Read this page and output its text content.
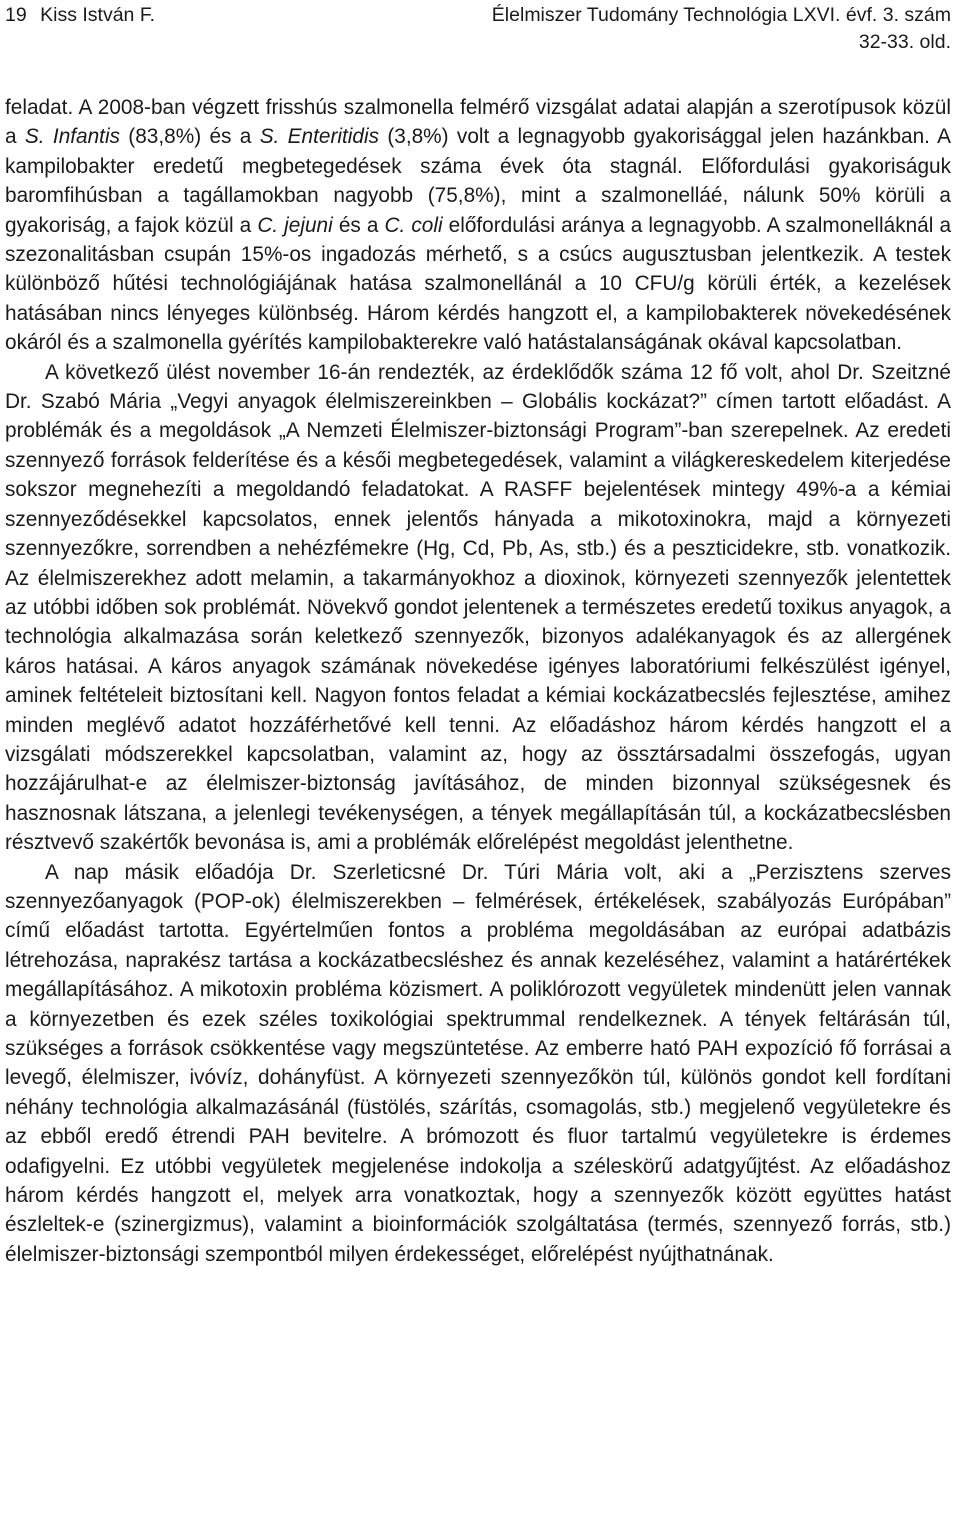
19 Kiss István F.	Élelmiszer Tudomány Technológia LXVI. évf. 3. szám
32-33. old.

feladat. A 2008-ban végzett frisshús szalmonella felmérő vizsgálat adatai alapján a szerotípusok közül a S. Infantis (83,8%) és a S. Enteritidis (3,8%) volt a legnagyobb gyakorisággal jelen hazánkban. A kampilobakter eredetű megbetegedések száma évek óta stagnál. Előfordulási gyakoriságuk baromfihúsban a tagállamokban nagyobb (75,8%), mint a szalmonelláé, nálunk 50% körüli a gyakoriság, a fajok közül a C. jejuni és a C. coli előfordulási aránya a legnagyobb. A szalmonelláknál a szezonalitásban csupán 15%-os ingadozás mérhető, s a csúcs augusztusban jelentkezik. A testek különböző hűtési technológiájának hatása szalmonellánál a 10 CFU/g körüli érték, a kezelések hatásában nincs lényeges különbség. Három kérdés hangzott el, a kampilobakterek növekedésének okáról és a szalmonella gyérítés kampilobakterekre való hatástalanságának okával kapcsolatban.

A következő ülést november 16-án rendezték, az érdeklődők száma 12 fő volt, ahol Dr. Szeitzné Dr. Szabó Mária „Vegyi anyagok élelmiszereinkben – Globális kockázat?” címen tartott előadást. A problémák és a megoldások „A Nemzeti Élelmiszer-biztonsági Program”-ban szerepelnek. Az eredeti szennyező források felderítése és a késői megbetegedések, valamint a világkereskedelem kiterjedése sokszor megnehezíti a megoldandó feladatokat. A RASFF bejelentések mintegy 49%-a a kémiai szennyeződésekkel kapcsolatos, ennek jelentős hányada a mikotoxinokra, majd a környezeti szennyezőkre, sorrendben a nehézfémekre (Hg, Cd, Pb, As, stb.) és a peszticidekre, stb. vonatkozik. Az élelmiszerekhez adott melamin, a takarmányokhoz a dioxinok, környezeti szennyezők jelentettek az utóbbi időben sok problémát. Növekvő gondot jelentenek a természetes eredetű toxikus anyagok, a technológia alkalmazása során keletkező szennyezők, bizonyos adalékanyagok és az allergének káros hatásai. A káros anyagok számának növekedése igényes laboratóriumi felkészülést igényel, aminek feltételeit biztosítani kell. Nagyon fontos feladat a kémiai kockázatbecslés fejlesztése, amihez minden meglévő adatot hozzáférhetővé kell tenni. Az előadáshoz három kérdés hangzott el a vizsgálati módszerekkel kapcsolatban, valamint az, hogy az össztársadalmi összefogás, ugyan hozzájárulhat-e az élelmiszer-biztonság javításához, de minden bizonnyal szükségesnek és hasznosnak látszana, a jelenlegi tevékenységen, a tények megállapításán túl, a kockázatbecslésben résztvevő szakértők bevonása is, ami a problémák előrelépést megoldást jelenthetne.

A nap másik előadója Dr. Szerleticsné Dr. Túri Mária volt, aki a „Perzisztens szerves szennyezőanyagok (POP-ok) élelmiszerekben – felmérések, értékelések, szabályozás Európában” című előadást tartotta. Egyértelműen fontos a probléma megoldásában az európai adatbázis létrehozása, naprakész tartása a kockázatbecsléshez és annak kezeléséhez, valamint a határértékek megállapításához. A mikotoxin probléma közismert. A poliklórozott vegyületek mindenütt jelen vannak a környezetben és ezek széles toxikológiai spektrummal rendelkeznek. A tények feltárásán túl, szükséges a források csökkentése vagy megszüntetése. Az emberre ható PAH expozíció fő forrásai a levegő, élelmiszer, ivóvíz, dohányfüst. A környezeti szennyezőkön túl, különös gondot kell fordítani néhány technológia alkalmazásánál (füstölés, szárítás, csomagolás, stb.) megjelenő vegyületekre és az ebből eredő étrendi PAH bevitelre. A brómozott és fluor tartalmú vegyületekre is érdemes odafigyelni. Ez utóbbi vegyületek megjelenése indokolja a széleskörű adatgyűjtést. Az előadáshoz három kérdés hangzott el, melyek arra vonatkoztak, hogy a szennyezők között együttes hatást észleltek-e (szinergizmus), valamint a bioinformációk szolgáltatása (termés, szennyező forrás, stb.) élelmiszer-biztonsági szempontból milyen érdekességet, előrelépést nyújthatnának.
